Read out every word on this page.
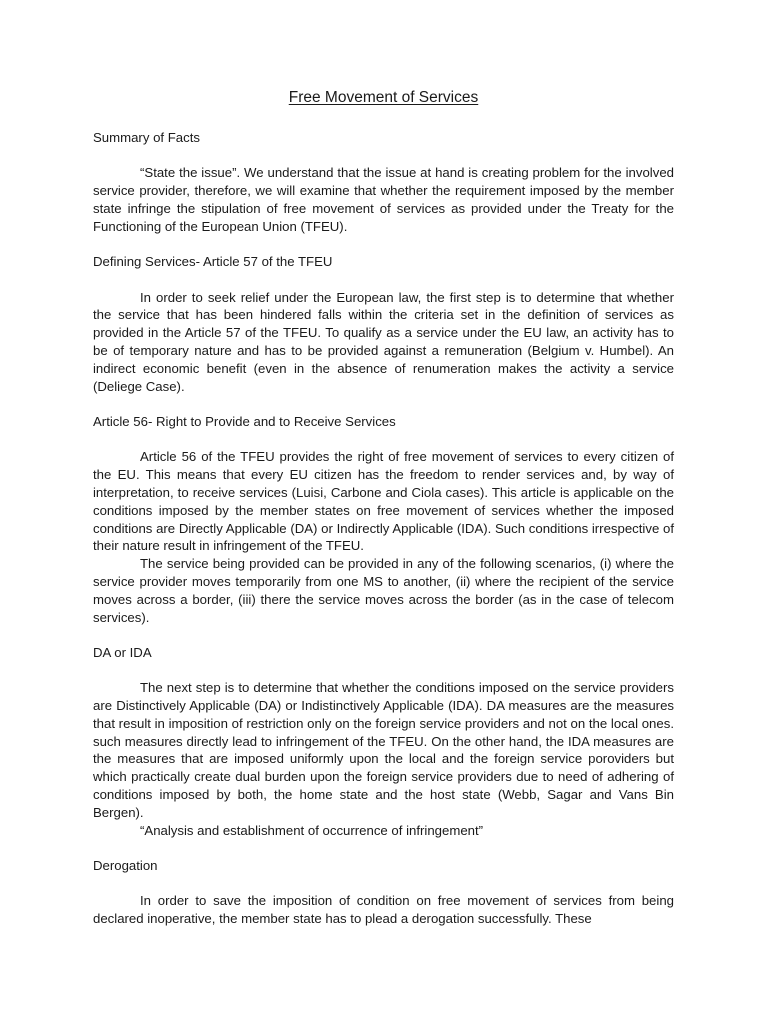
Free Movement of Services
Summary of Facts
“State the issue”. We understand that the issue at hand is creating problem for the involved service provider, therefore, we will examine that whether the requirement imposed by the member state infringe the stipulation of free movement of services as provided under the Treaty for the Functioning of the European Union (TFEU).
Defining Services- Article 57 of the TFEU
In order to seek relief under the European law, the first step is to determine that whether the service that has been hindered falls within the criteria set in the definition of services as provided in the Article 57 of the TFEU. To qualify as a service under the EU law, an activity has to be of temporary nature and has to be provided against a remuneration (Belgium v. Humbel). An indirect economic benefit (even in the absence of renumeration makes the activity a service (Deliege Case).
Article 56- Right to Provide and to Receive Services
Article 56 of the TFEU provides the right of free movement of services to every citizen of the EU. This means that every EU citizen has the freedom to render services and, by way of interpretation, to receive services (Luisi, Carbone and Ciola cases). This article is applicable on the conditions imposed by the member states on free movement of services whether the imposed conditions are Directly Applicable (DA) or Indirectly Applicable (IDA). Such conditions irrespective of their nature result in infringement of the TFEU.
The service being provided can be provided in any of the following scenarios, (i) where the service provider moves temporarily from one MS to another, (ii) where the recipient of the service moves across a border, (iii) there the service moves across the border (as in the case of telecom services).
DA or IDA
The next step is to determine that whether the conditions imposed on the service providers are Distinctively Applicable (DA) or Indistinctively Applicable (IDA). DA measures are the measures that result in imposition of restriction only on the foreign service providers and not on the local ones. such measures directly lead to infringement of the TFEU. On the other hand, the IDA measures are the measures that are imposed uniformly upon the local and the foreign service poroviders but which practically create dual burden upon the foreign service providers due to need of adhering of conditions imposed by both, the home state and the host state (Webb, Sagar and Vans Bin Bergen).
“Analysis and establishment of occurrence of infringement”
Derogation
In order to save the imposition of condition on free movement of services from being declared inoperative, the member state has to plead a derogation successfully. These
